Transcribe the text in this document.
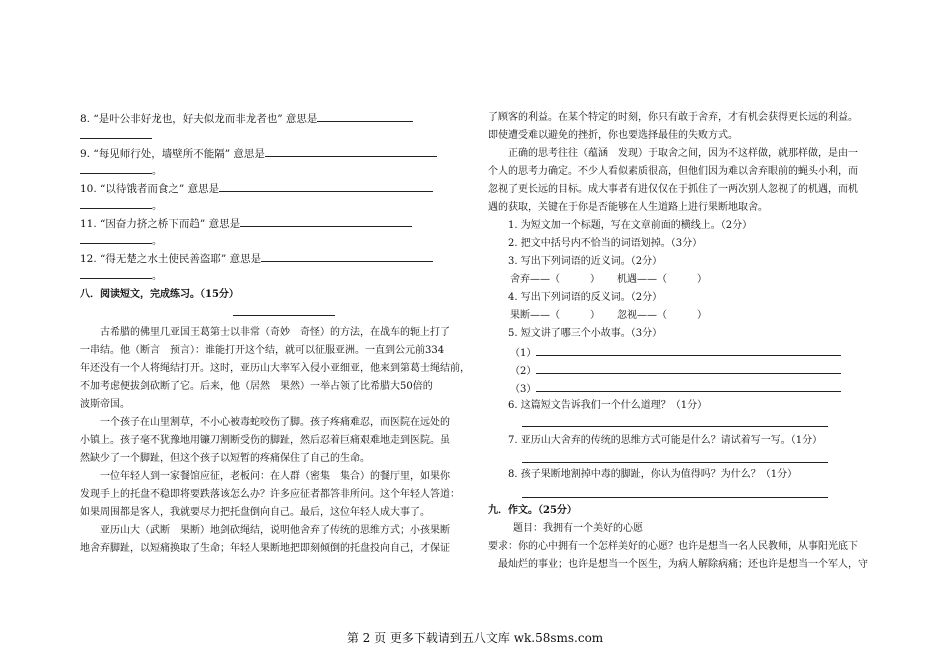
8. “是叶公非好龙也，好夫似龙而非龙者也” 意思是
9. “每见师行处，墙壁所不能隔” 意思是
。
10. “以待饿者而食之” 意思是
。
11. “因奋力挤之桥下而趋” 意思是
。
12. “得无楚之水土使民善盗耶” 意思是
。
八．阅读短文，完成练习。（15分）
古希腊的佛里几亚国王葛第士以非常（奇妙　奇怪）的方法，在战车的轭上打了
一串结。他（断言　预言）：谁能打开这个结，就可以征服亚洲。一直到公元前334
年还没有一个人将绳结打开。这时，亚历山大率军入侵小亚细亚，他来到第葛士绳结前，
不加考虑便拔剑砍断了它。后来，他（居然　果然）一举占领了比希腊大50倍的
波斯帝国。
一个孩子在山里割草，不小心被毒蛇咬伤了脚。孩子疼痛难忍，而医院在远处的
小镇上。孩子毫不犹豫地用镰刀割断受伤的脚趾，然后忍着巨痛艰难地走到医院。虽
然缺少了一个脚趾，但这个孩子以短暂的疼痛保住了自己的生命。
一位年轻人到一家餐馆应征，老板问：在人群（密集　集合）的餐厅里，如果你
发现手上的托盘不稳即将要跌落该怎么办？许多应征者都答非所问。这个年轻人答道：
如果周围都是客人，我就要尽力把托盘倒向自己。最后，这位年轻人成大事了。
亚历山大（武断　果断）地剑砍绳结，说明他舍弃了传统的思维方式；小孩果断
地舍弃脚趾，以短痛换取了生命；年轻人果断地把即刻倾倒的托盘投向自己，才保证
了顾客的利益。在某个特定的时刻，你只有敢于舍弃，才有机会获得更长远的利益。
即使遭受难以避免的挫折，你也要选择最佳的失败方式。
正确的思考往往（蕴涵　发现）于取舍之间，因为不这样做，就那样做，是由一
个人的思考力确定。不少人看似素质很高，但他们因为难以舍弃眼前的蝇头小利，而
忽视了更长远的目标。成大事者有进仅仅在于抓住了一两次别人忽视了的机遇，而机
遇的获取，关键在于你是否能够在人生道路上进行果断地取舍。
1. 为短文加一个标题，写在文章前面的横线上。（2分）
2. 把文中括号内不恰当的词语划掉。（3分）
3. 写出下列词语的近义词。（2分）
舍弃——（　　　） 机遇——（　　　）
4. 写出下列词语的反义词。（2分）
果断——（　　　） 忽视——（　　　）
5. 短文讲了哪三个小故事。（3分）
（1）
（2）
（3）
6. 这篇短文告诉我们一个什么道理？（1分）
7. 亚历山大舍弃的传统的思维方式可能是什么？请试着写一写。（1分）
8. 孩子果断地割掉中毒的脚趾，你认为值得吗？为什么？（1分）
九．作文。（25分）
题目：我拥有一个美好的心愿
要求：你的心中拥有一个怎样美好的心愿？也许是想当一名人民教师，从事阳光底下
最灿烂的事业；也许是想当一个医生，为病人解除病痛；还也许是想当一个军人，守
第 2 页 更多下载请到五八文库 wk.58sms.com
